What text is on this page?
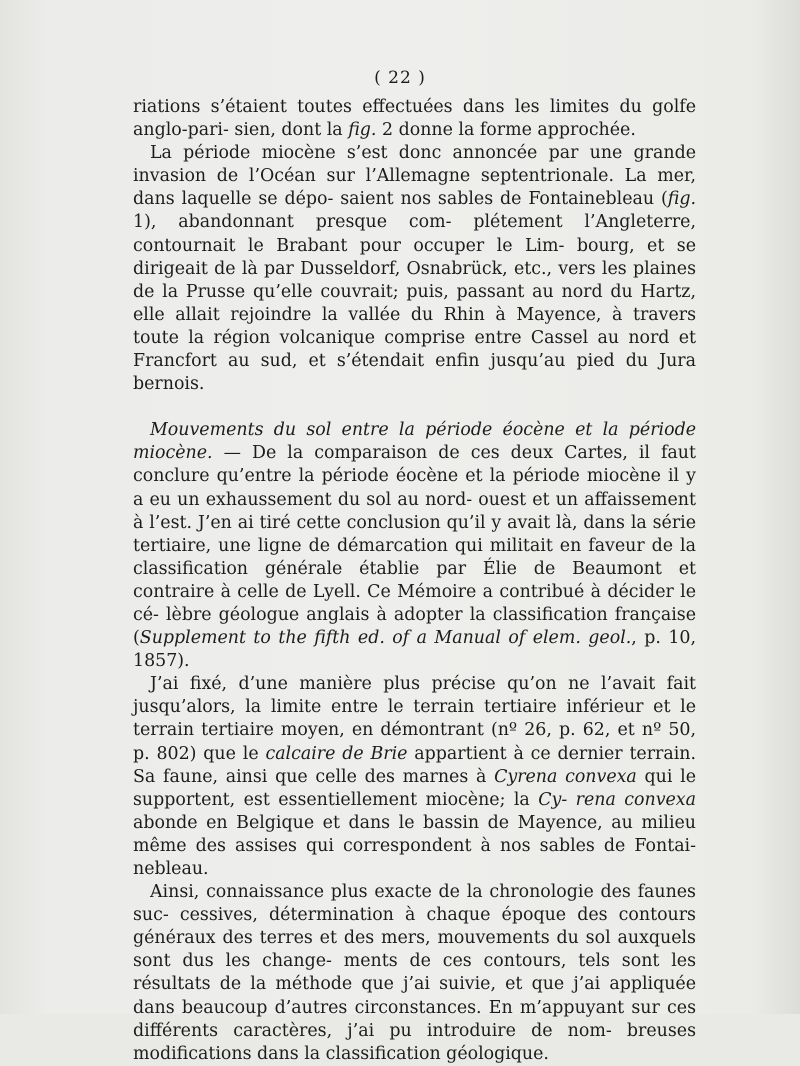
( 22 )

riations s’étaient toutes effectuées dans les limites du golfe anglo-pari- sien, dont la fig. 2 donne la forme approchée.

La période miocène s’est donc annoncée par une grande invasion de l’Océan sur l’Allemagne septentrionale. La mer, dans laquelle se dépo- saient nos sables de Fontainebleau (fig. 1), abandonnant presque com- plétement l’Angleterre, contournait le Brabant pour occuper le Lim- bourg, et se dirigeait de là par Dusseldorf, Osnabrück, etc., vers les plaines de la Prusse qu’elle couvrait; puis, passant au nord du Hartz, elle allait rejoindre la vallée du Rhin à Mayence, à travers toute la région volcanique comprise entre Cassel au nord et Francfort au sud, et s’étendait enfin jusqu’au pied du Jura bernois.

Mouvements du sol entre la période éocène et la période miocène. — De la comparaison de ces deux Cartes, il faut conclure qu’entre la période éocène et la période miocène il y a eu un exhaussement du sol au nord- ouest et un affaissement à l’est. J’en ai tiré cette conclusion qu’il y avait là, dans la série tertiaire, une ligne de démarcation qui militait en faveur de la classification générale établie par Élie de Beaumont et contraire à celle de Lyell. Ce Mémoire a contribué à décider le cé- lèbre géologue anglais à adopter la classification française (Supplement to the fifth ed. of a Manual of elem. geol., p. 10, 1857).

J’ai fixé, d’une manière plus précise qu’on ne l’avait fait jusqu’alors, la limite entre le terrain tertiaire inférieur et le terrain tertiaire moyen, en démontrant (nº 26, p. 62, et nº 50, p. 802) que le calcaire de Brie appartient à ce dernier terrain. Sa faune, ainsi que celle des marnes à Cyrena convexa qui le supportent, est essentiellement miocène; la Cy- rena convexa abonde en Belgique et dans le bassin de Mayence, au milieu même des assises qui correspondent à nos sables de Fontai- nebleau.

Ainsi, connaissance plus exacte de la chronologie des faunes suc- cessives, détermination à chaque époque des contours généraux des terres et des mers, mouvements du sol auxquels sont dus les change- ments de ces contours, tels sont les résultats de la méthode que j’ai suivie, et que j’ai appliquée dans beaucoup d’autres circonstances. En m’appuyant sur ces différents caractères, j’ai pu introduire de nom- breuses modifications dans la classification géologique.
